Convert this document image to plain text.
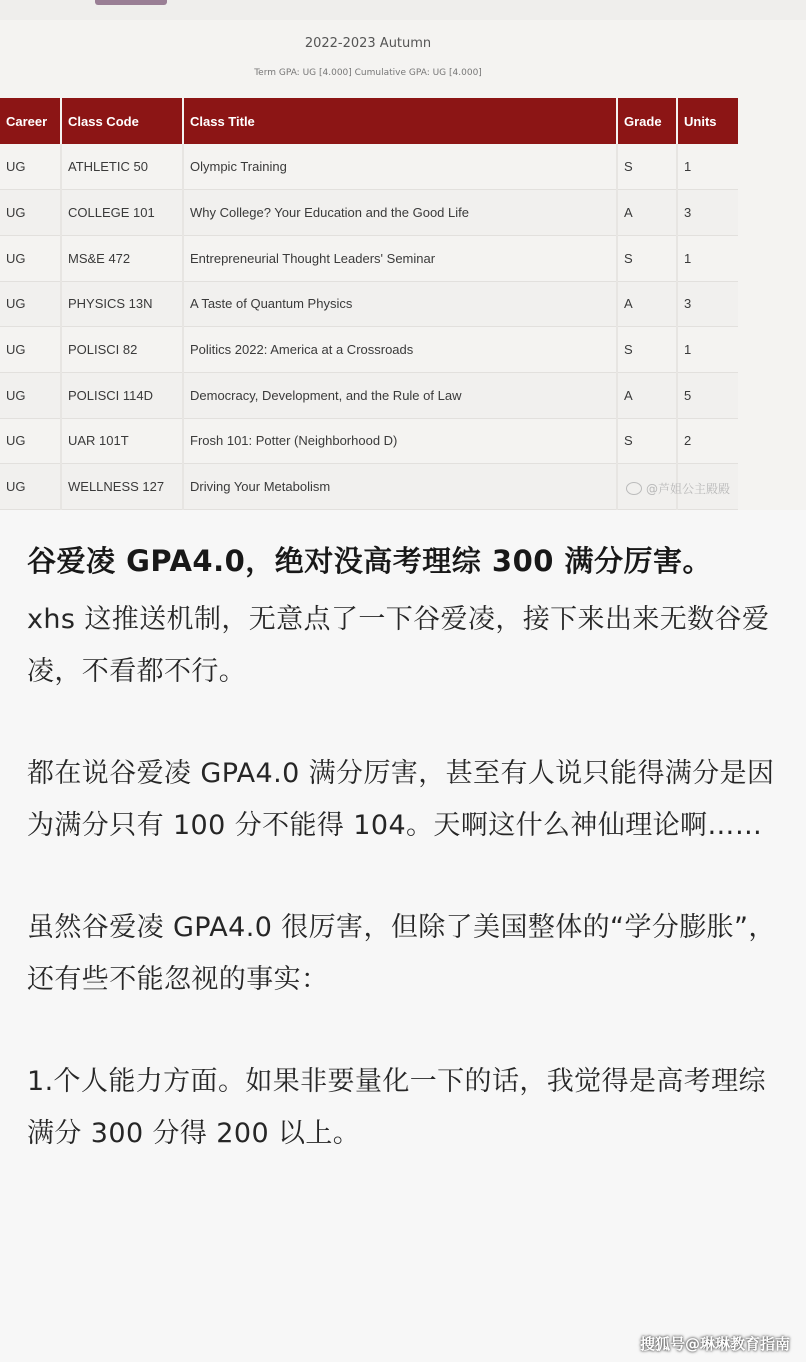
2022-2023 Autumn
Term GPA: UG [4.000] Cumulative GPA: UG [4.000]
Career	Class Code	Class Title	Grade	Units
UG	ATHLETIC 50	Olympic Training	S	1
UG	COLLEGE 101	Why College? Your Education and the Good Life	A	3
UG	MS&E 472	Entrepreneurial Thought Leaders' Seminar	S	1
UG	PHYSICS 13N	A Taste of Quantum Physics	A	3
UG	POLISCI 82	Politics 2022: America at a Crossroads	S	1
UG	POLISCI 114D	Democracy, Development, and the Rule of Law	A	5
UG	UAR 101T	Frosh 101: Potter (Neighborhood D)	S	2
UG	WELLNESS 127	Driving Your Metabolism			@芦姐公主殿殿
谷爱凌 GPA4.0，绝对没高考理综 300 满分厉害。
xhs 这推送机制，无意点了一下谷爱凌，接下来出来无数谷爱凌，不看都不行。
都在说谷爱凌 GPA4.0 满分厉害，甚至有人说只能得满分是因为满分只有 100 分不能得 104。天啊这什么神仙理论啊……
虽然谷爱凌 GPA4.0 很厉害，但除了美国整体的“学分膨胀”，还有些不能忽视的事实：
1.个人能力方面。如果非要量化一下的话，我觉得是高考理综满分 300 分得 200 以上。
搜狐号@琳琳教育指南
